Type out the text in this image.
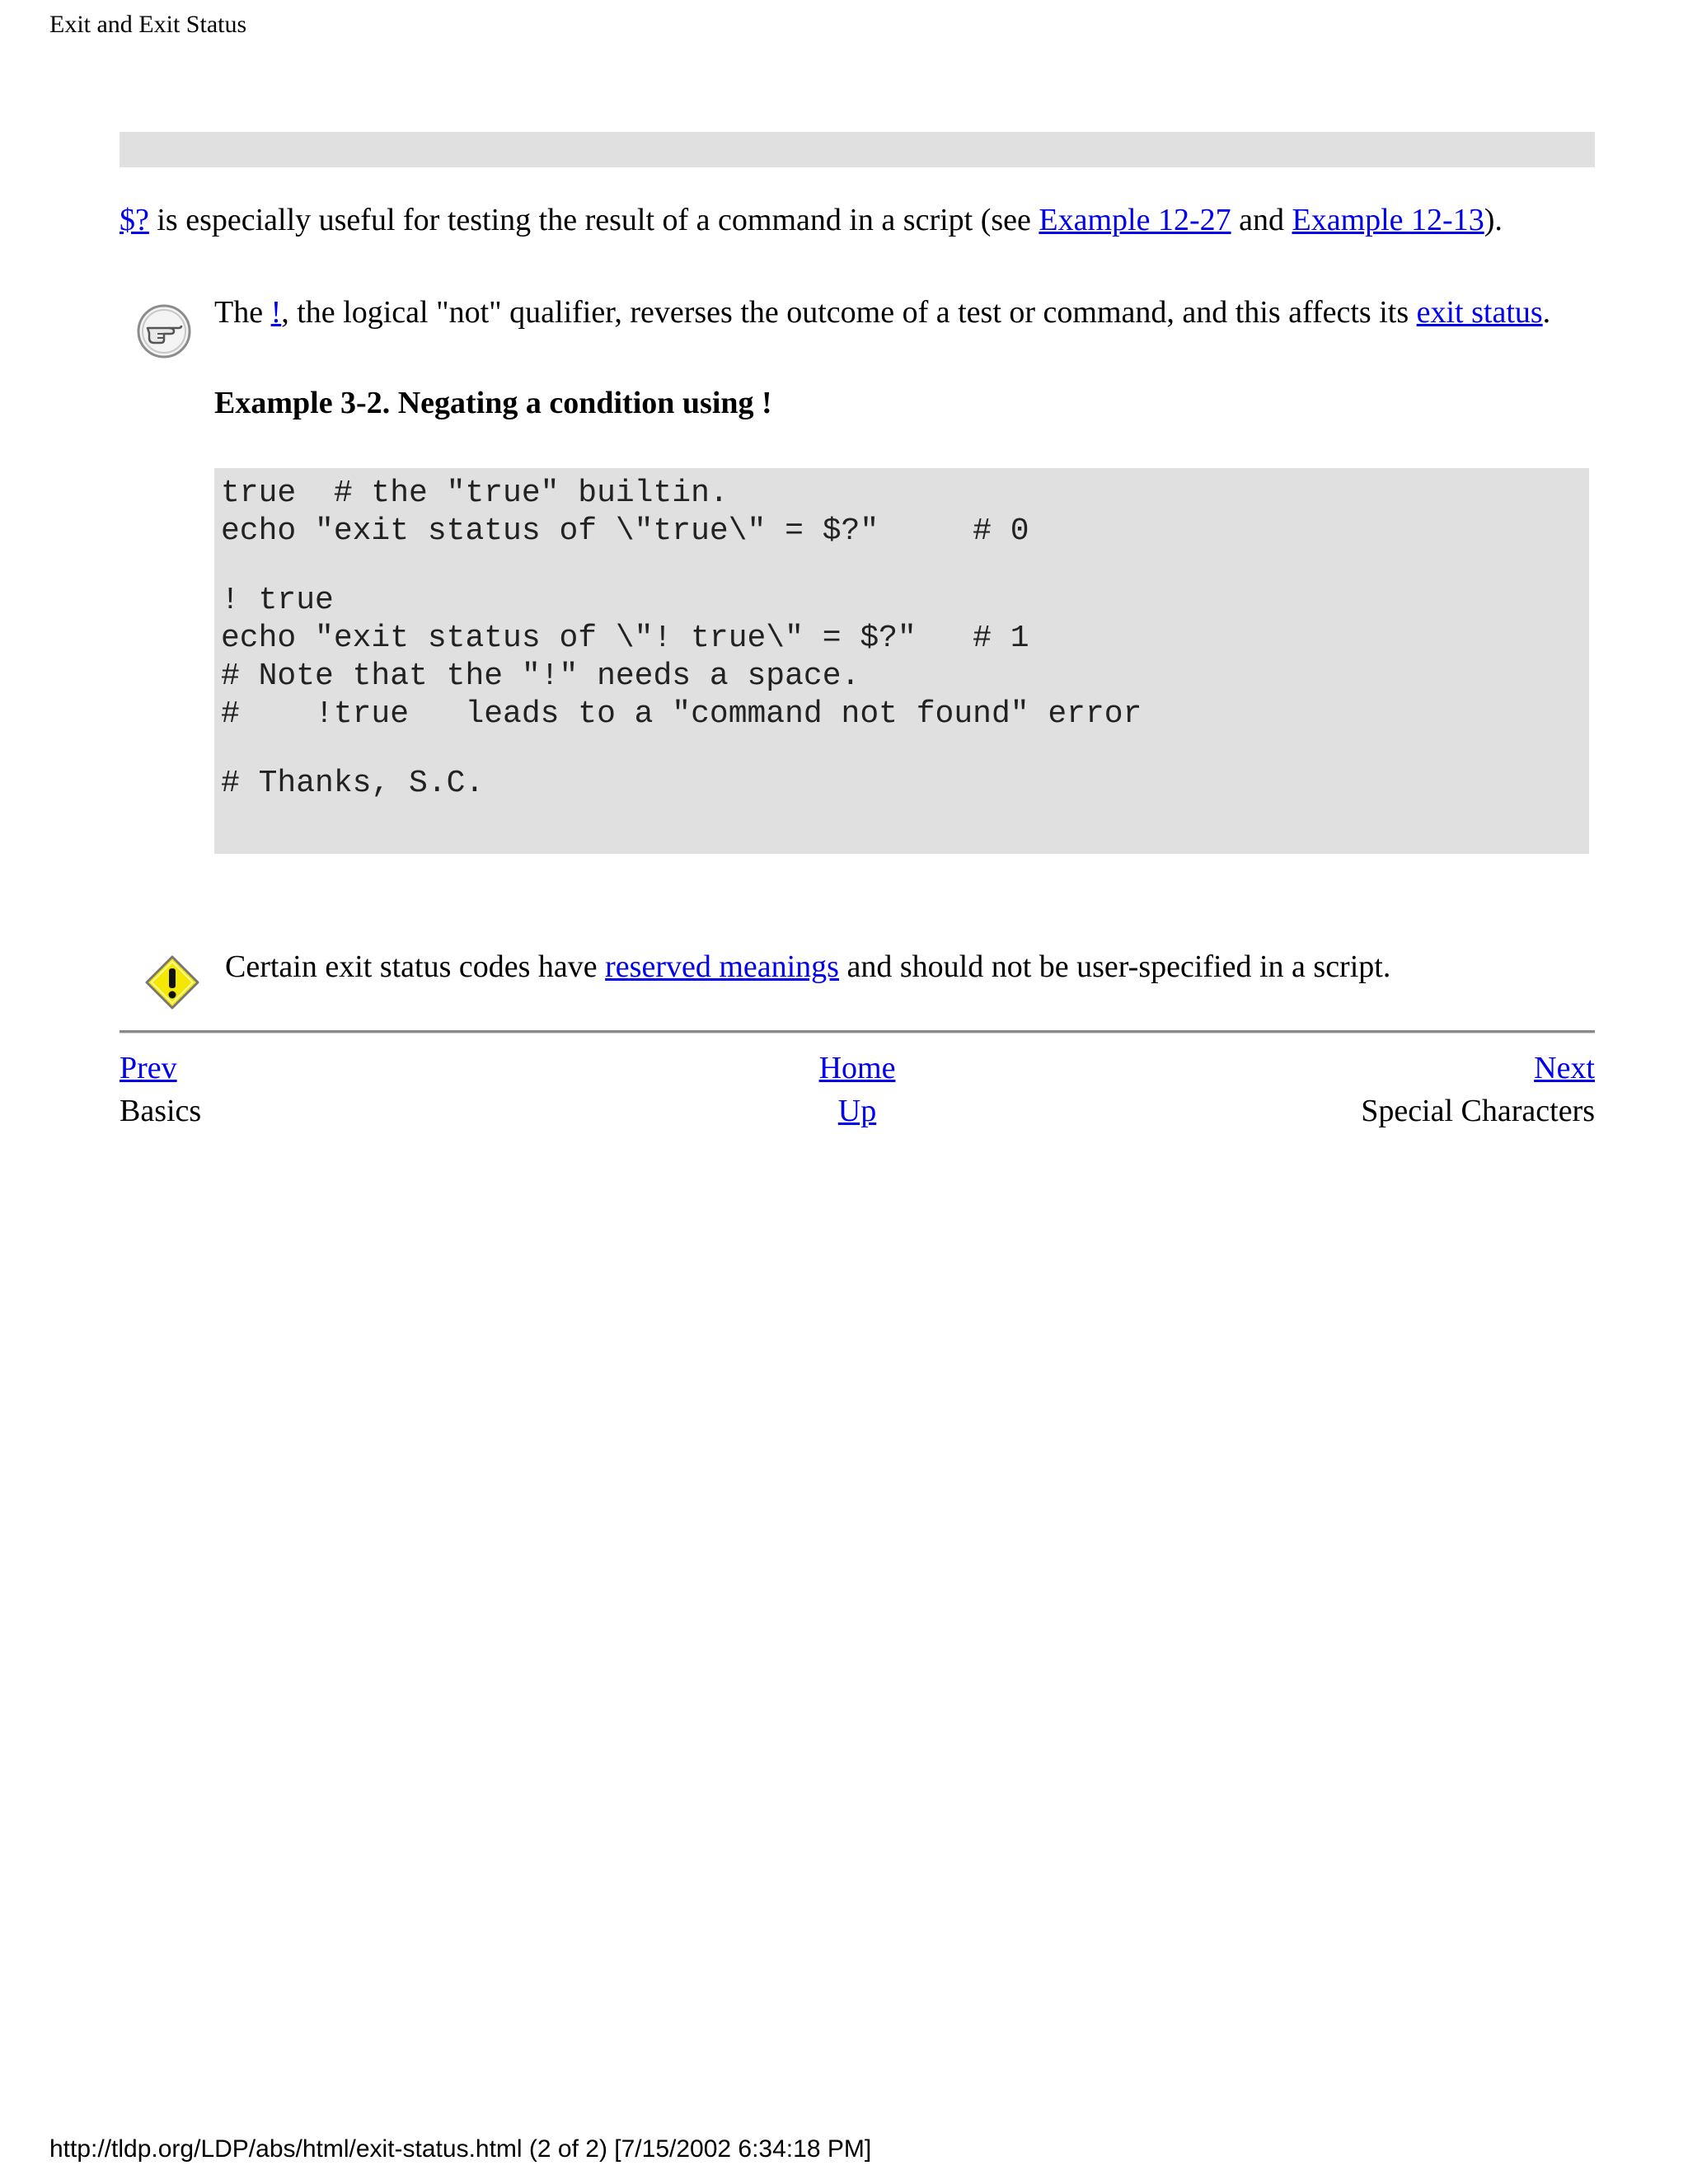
Exit and Exit Status
$? is especially useful for testing the result of a command in a script (see Example 12-27 and Example 12-13).
The !, the logical "not" qualifier, reverses the outcome of a test or command, and this affects its exit status.
Example 3-2. Negating a condition using !
true  # the "true" builtin.
echo "exit status of \"true\" = $?"     # 0
! true
echo "exit status of \"! true\" = $?"   # 1
# Note that the "!" needs a space.
#    !true   leads to a "command not found" error
# Thanks, S.C.
Certain exit status codes have reserved meanings and should not be user-specified in a script.
Prev	Home	Next
Basics	Up	Special Characters
http://tldp.org/LDP/abs/html/exit-status.html (2 of 2) [7/15/2002 6:34:18 PM]
